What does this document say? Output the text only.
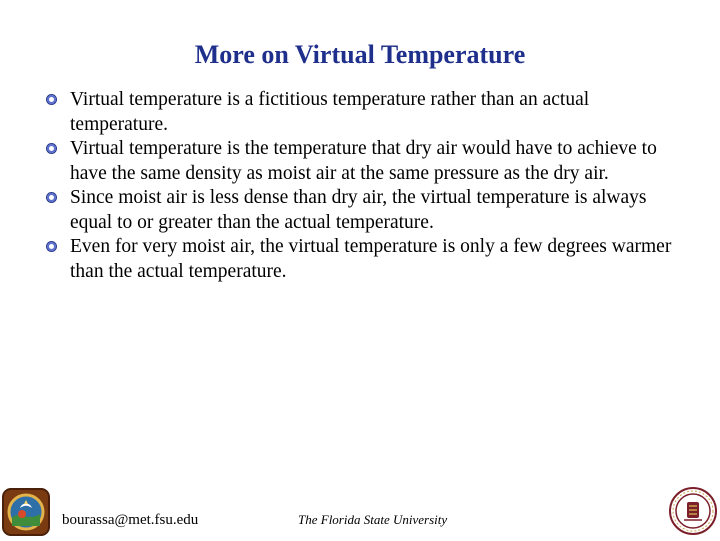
More on Virtual Temperature
Virtual temperature is a fictitious temperature rather than an actual temperature.
Virtual temperature is the temperature that dry air would have to achieve to have the same density as moist air at the same pressure as the dry air.
Since moist air is less dense than dry air, the virtual temperature is always equal to or greater than the actual temperature.
Even for very moist air, the virtual temperature is only a few degrees warmer than the actual temperature.
bourassa@met.fsu.edu	The Florida State University
